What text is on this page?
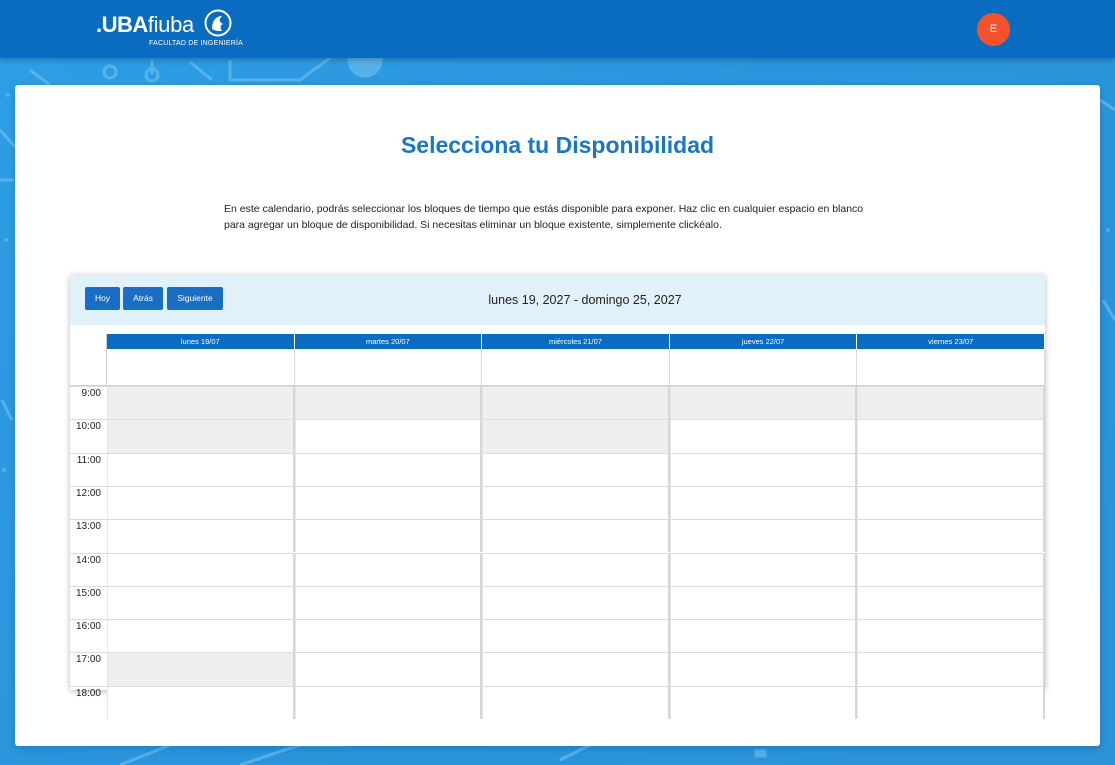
.UBAfiuba
FACULTAD DE INGENIERÍA
E
Selecciona tu Disponibilidad
En este calendario, podrás seleccionar los bloques de tiempo que estás disponible para exponer. Haz clic en cualquier espacio en blanco
para agregar un bloque de disponibilidad. Si necesitas eliminar un bloque existente, simplemente clickéalo.
Hoy	Atrás	Siguiente	lunes 19, 2027 - domingo 25, 2027
lunes 19/07	martes 20/07	miércoles 21/07	jueves 22/07	viernes 23/07
9:00
10:00
11:00
12:00
13:00
14:00
15:00
16:00
17:00
18:00
